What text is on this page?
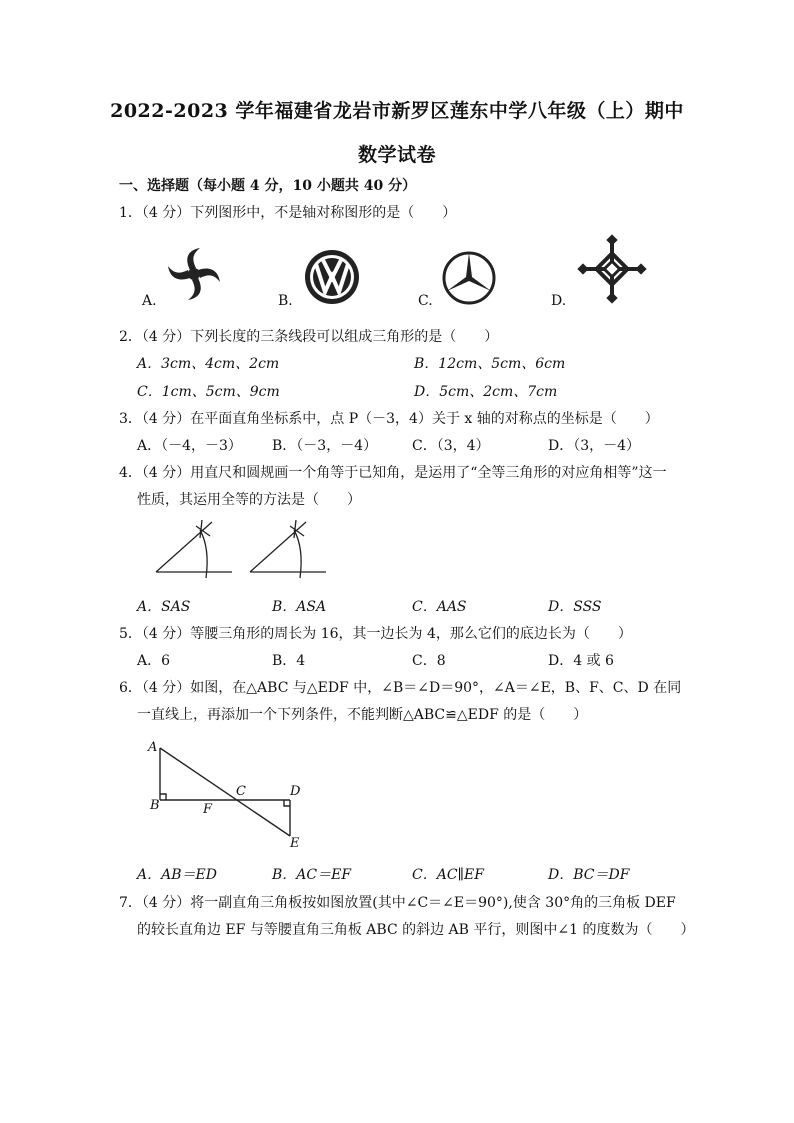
2022-2023 学年福建省龙岩市新罗区莲东中学八年级（上）期中
数学试卷
一、选择题（每小题 4 分，10 小题共 40 分）
1．（4 分）下列图形中，不是轴对称图形的是（　　）
A.	B.	C.	D.
2．（4 分）下列长度的三条线段可以组成三角形的是（　　）
A．3cm、4cm、2cm	B．12cm、5cm、6cm
C．1cm、5cm、9cm	D．5cm、2cm、7cm
3．（4 分）在平面直角坐标系中，点 P（－3，4）关于 x 轴的对称点的坐标是（　　）
A．（－4，－3） B．（－3，－4） C．（3，4）	D．（3，－4）
4．（4 分）用直尺和圆规画一个角等于已知角，是运用了“全等三角形的对应角相等”这一
性质，其运用全等的方法是（　　）
A．SAS	B．ASA	C．AAS	D．SSS
5．（4 分）等腰三角形的周长为 16，其一边长为 4，那么它们的底边长为（　　）
A．6	B．4	C．8	D．4 或 6
6．（4 分）如图，在△ABC 与△EDF 中，∠B＝∠D＝90°，∠A＝∠E，B、F、C、D 在同
一直线上，再添加一个下列条件，不能判断△ABC≌△EDF 的是（　　）
A
B	F
C	D
E
A．AB＝ED	B．AC＝EF	C．AC∥EF	D．BC＝DF
7．（4 分）将一副直角三角板按如图放置(其中∠C＝∠E＝90°),使含 30°角的三角板 DEF
的较长直角边 EF 与等腰直角三角板 ABC 的斜边 AB 平行，则图中∠1 的度数为（　　）
